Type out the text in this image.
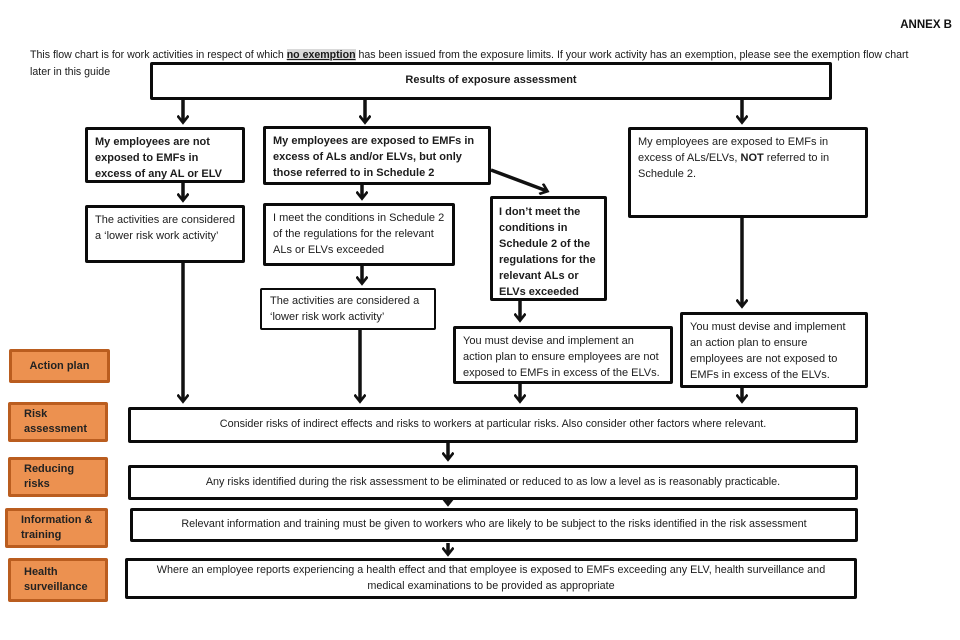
ANNEX B

This flow chart is for work activities in respect of which no exemption has been issued from the exposure limits. If your work activity has an exemption, please see the exemption flow chart
later in this guide

Results of exposure assessment
My employees are not exposed to EMFs in excess of any AL or ELV
My employees are exposed to EMFs in excess of ALs and/or ELVs, but only those referred to in Schedule 2
My employees are exposed to EMFs in excess of ALs/ELVs, NOT referred to in Schedule 2.
The activities are considered a ‘lower risk work activity’
I meet the conditions in Schedule 2 of the regulations for the relevant ALs or ELVs exceeded
I don’t meet the conditions in Schedule 2 of the regulations for the relevant ALs or ELVs exceeded
The activities are considered a ‘lower risk work activity’
You must devise and implement an action plan to ensure employees are not exposed to EMFs in excess of the ELVs.
You must devise and implement an action plan to ensure employees are not exposed to EMFs in excess of the ELVs.
Consider risks of indirect effects and risks to workers at particular risks. Also consider other factors where relevant.
Any risks identified during the risk assessment to be eliminated or reduced to as low a level as is reasonably practicable.
Relevant information and training must be given to workers who are likely to be subject to the risks identified in the risk assessment
Where an employee reports experiencing a health effect and that employee is exposed to EMFs exceeding any ELV, health surveillance and medical examinations to be provided as appropriate
Action plan
Risk assessment
Reducing risks
Information & training
Health surveillance
